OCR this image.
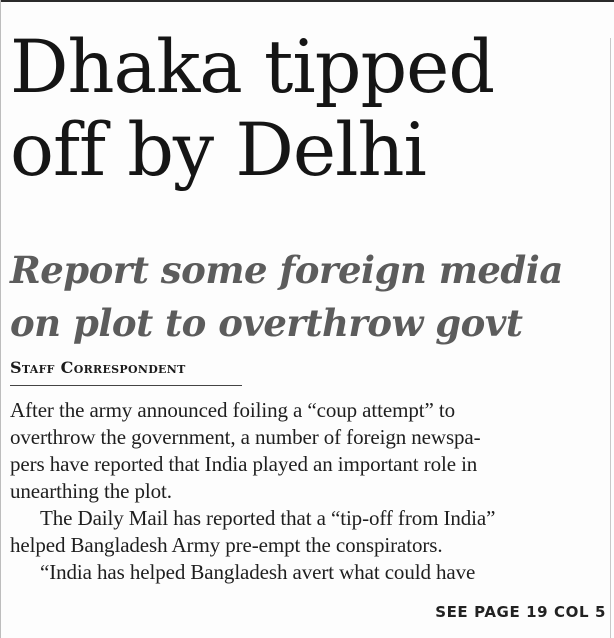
Dhaka tipped
off by Delhi
Report some foreign media
on plot to overthrow govt
Staff Correspondent

After the army announced foiling a “coup attempt” to
overthrow the government, a number of foreign newspa-
pers have reported that India played an important role in
unearthing the plot.

The Daily Mail has reported that a “tip-off from India”
helped Bangladesh Army pre-empt the conspirators.

“India has helped Bangladesh avert what could have

SEE PAGE 19 COL 5
